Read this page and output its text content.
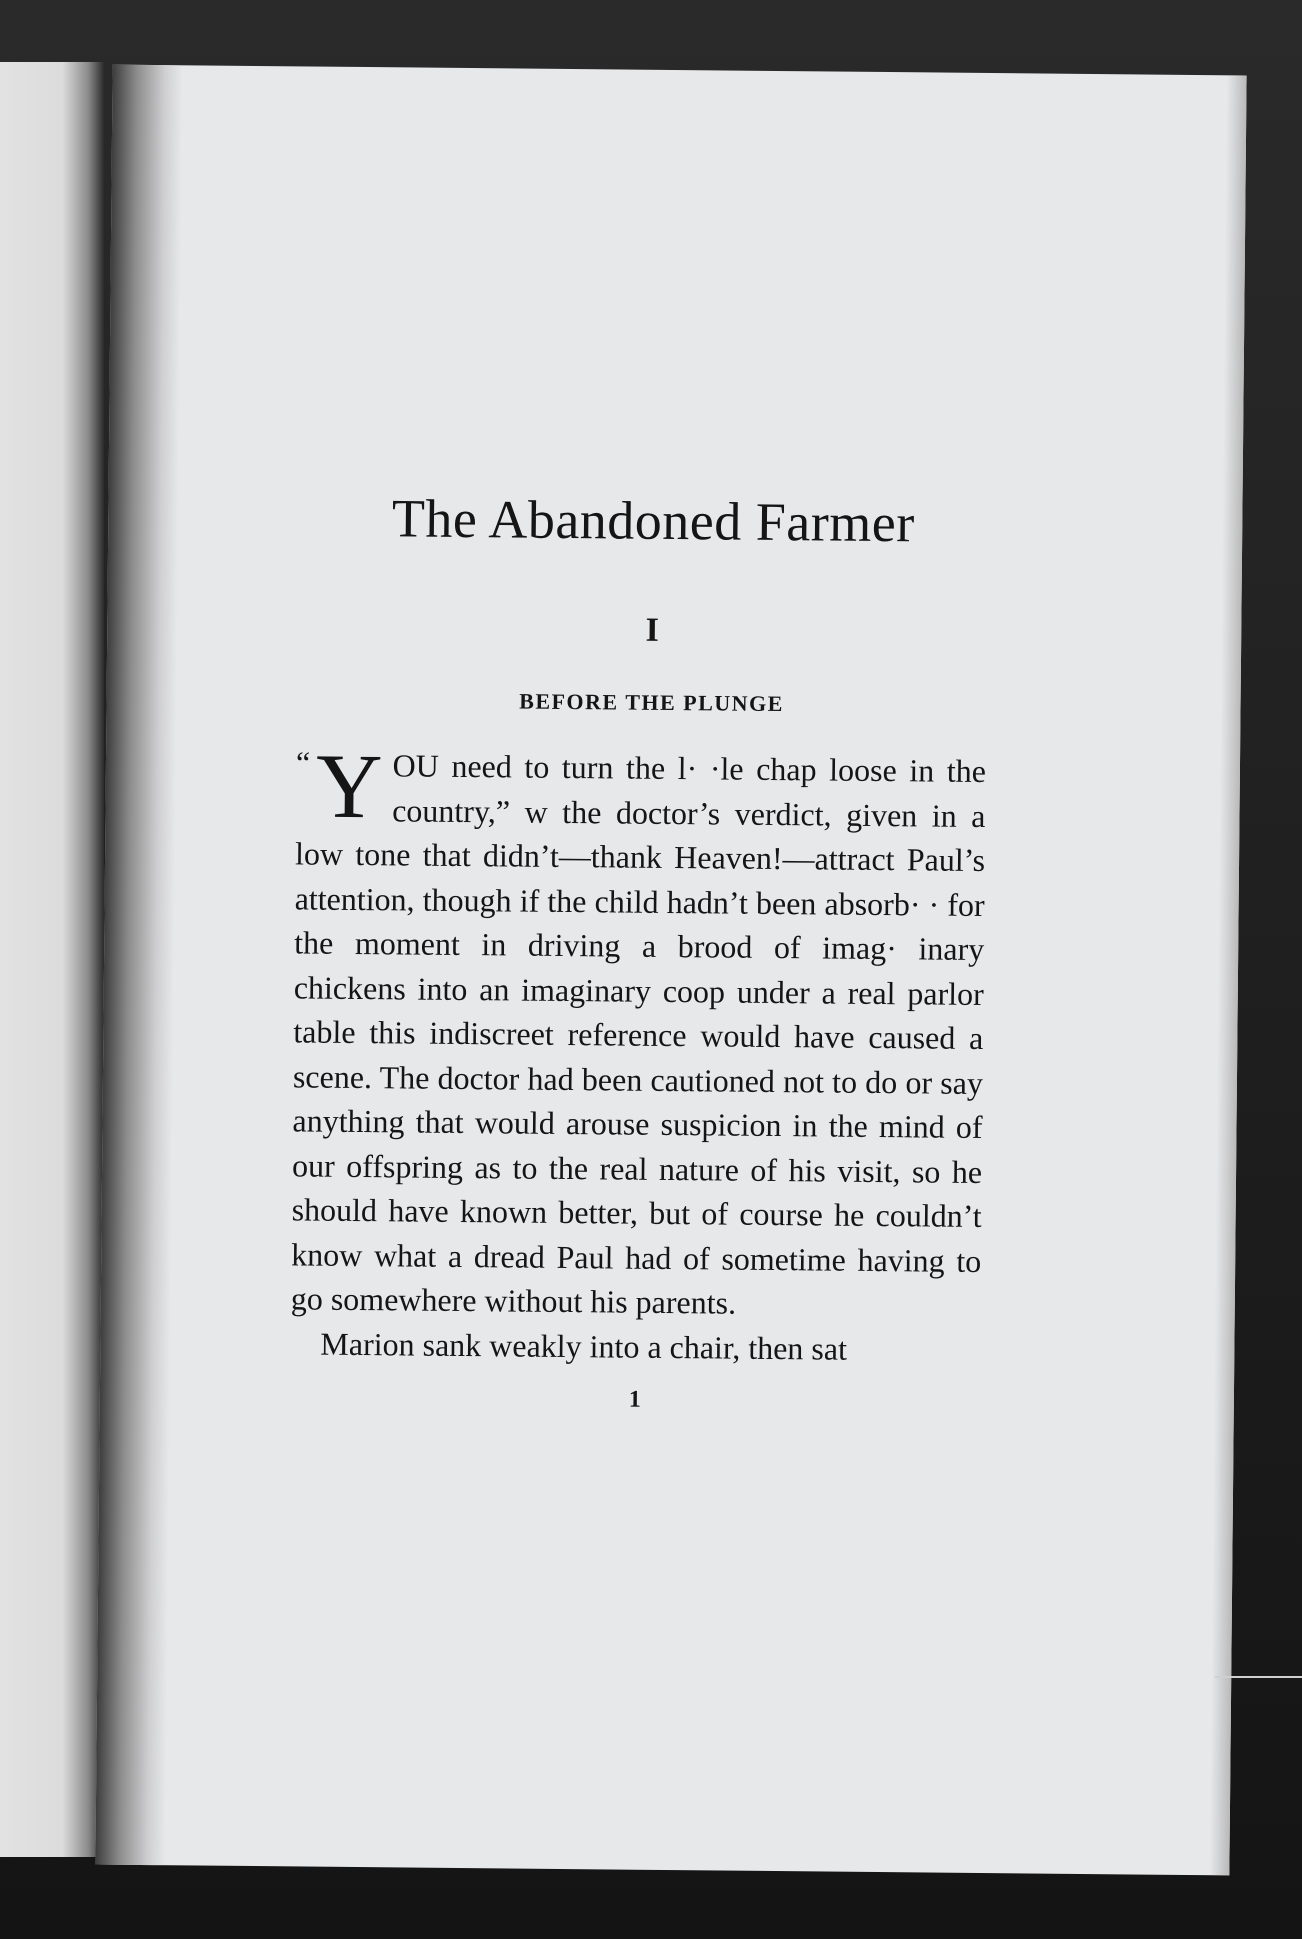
The Abandoned Farmer
I
BEFORE THE PLUNGE

“ Y OU need to turn the l· ·le chap loose in the country,” w the doctor’s verdict, given in a low tone that didn’t—thank Heaven!—attract Paul’s attention, though if the child hadn’t been absorb· · for the moment in driving a brood of imag· inary chickens into an imaginary coop under a real parlor table this indiscreet reference would have caused a scene. The doctor had been cautioned not to do or say anything that would arouse suspicion in the mind of our offspring as to the real nature of his visit, so he should have known better, but of course he couldn’t know what a dread Paul had of sometime having to go somewhere without his parents.

Marion sank weakly into a chair, then sat

1
